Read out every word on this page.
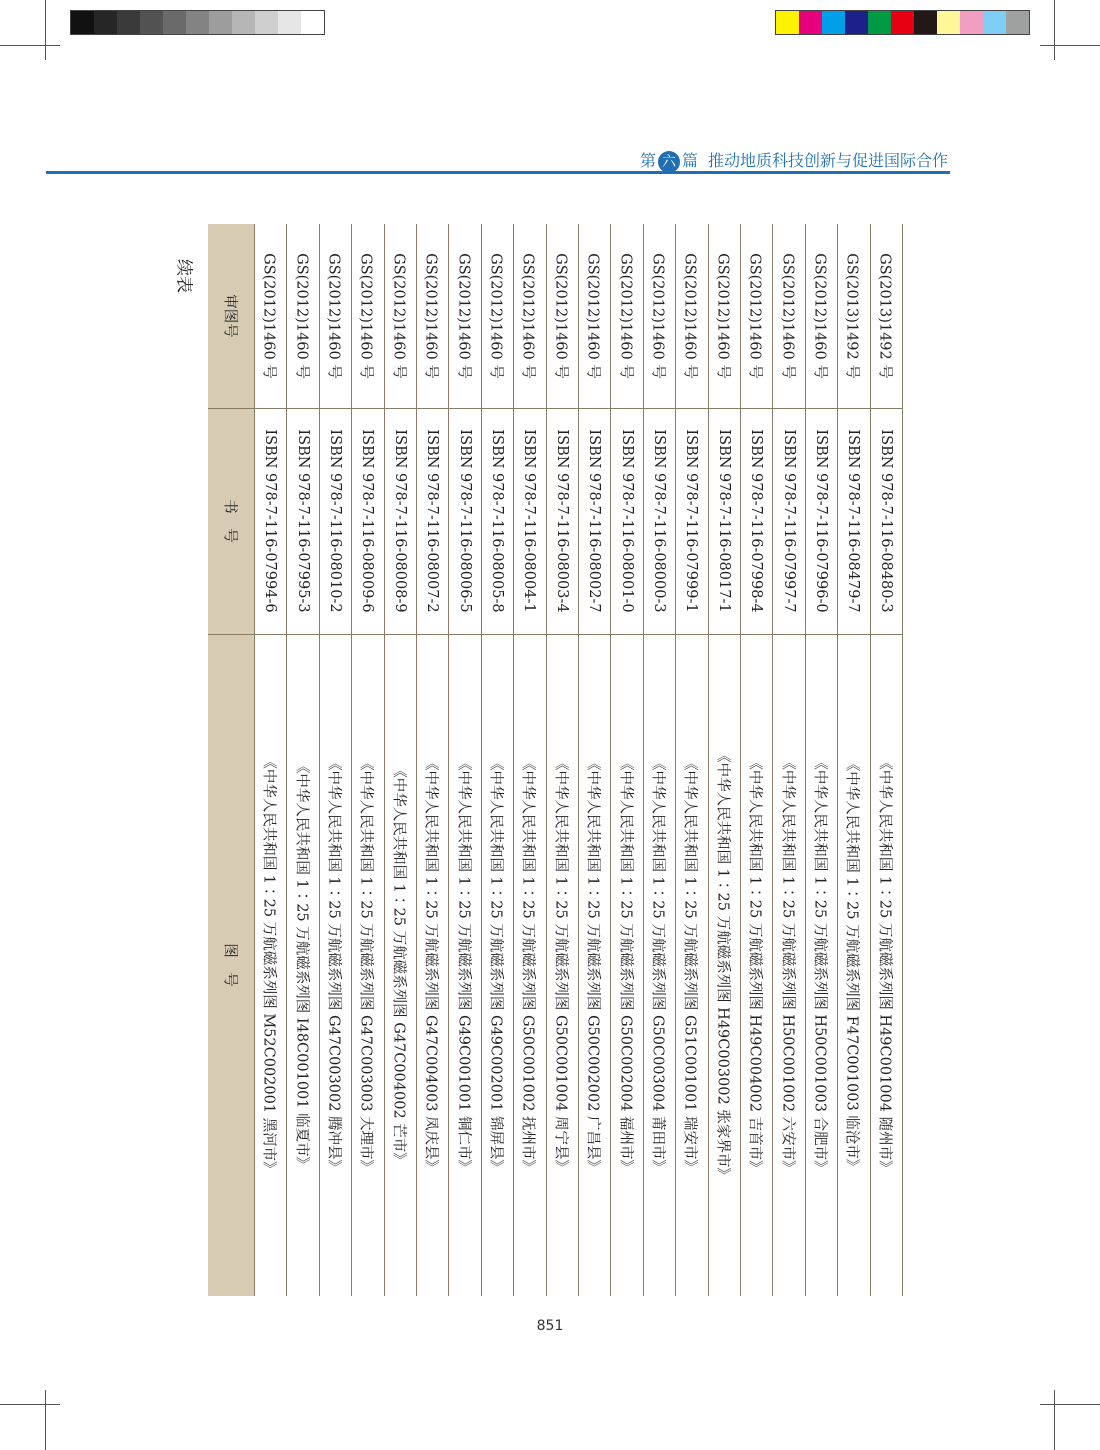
第 六 篇 推动地质科技创新与促进国际合作
续表
审图号
书　号
图　号
GS(2012)1460 号
ISBN 978-7-116-07994-6
《中华人民共和国 1∶25 万航磁系列图 M52C002001 黑河市》
GS(2012)1460 号
ISBN 978-7-116-07995-3
《中华人民共和国 1∶25 万航磁系列图 I48C001001 临夏市》
GS(2012)1460 号
ISBN 978-7-116-08010-2
《中华人民共和国 1∶25 万航磁系列图 G47C003002 腾冲县》
GS(2012)1460 号
ISBN 978-7-116-08009-6
《中华人民共和国 1∶25 万航磁系列图 G47C003003 大理市》
GS(2012)1460 号
ISBN 978-7-116-08008-9
《中华人民共和国 1∶25 万航磁系列图 G47C004002 芒市》
GS(2012)1460 号
ISBN 978-7-116-08007-2
《中华人民共和国 1∶25 万航磁系列图 G47C004003 凤庆县》
GS(2012)1460 号
ISBN 978-7-116-08006-5
《中华人民共和国 1∶25 万航磁系列图 G49C001001 铜仁市》
GS(2012)1460 号
ISBN 978-7-116-08005-8
《中华人民共和国 1∶25 万航磁系列图 G49C002001 锦屏县》
GS(2012)1460 号
ISBN 978-7-116-08004-1
《中华人民共和国 1∶25 万航磁系列图 G50C001002 抚州市》
GS(2012)1460 号
ISBN 978-7-116-08003-4
《中华人民共和国 1∶25 万航磁系列图 G50C001004 周宁县》
GS(2012)1460 号
ISBN 978-7-116-08002-7
《中华人民共和国 1∶25 万航磁系列图 G50C002002 广昌县》
GS(2012)1460 号
ISBN 978-7-116-08001-0
《中华人民共和国 1∶25 万航磁系列图 G50C002004 福州市》
GS(2012)1460 号
ISBN 978-7-116-08000-3
《中华人民共和国 1∶25 万航磁系列图 G50C003004 莆田市》
GS(2012)1460 号
ISBN 978-7-116-07999-1
《中华人民共和国 1∶25 万航磁系列图 G51C001001 瑞安市》
GS(2012)1460 号
ISBN 978-7-116-08017-1
《中华人民共和国 1∶25 万航磁系列图 H49C003002 张家界市》
GS(2012)1460 号
ISBN 978-7-116-07998-4
《中华人民共和国 1∶25 万航磁系列图 H49C004002 吉首市》
GS(2012)1460 号
ISBN 978-7-116-07997-7
《中华人民共和国 1∶25 万航磁系列图 H50C001002 六安市》
GS(2012)1460 号
ISBN 978-7-116-07996-0
《中华人民共和国 1∶25 万航磁系列图 H50C001003 合肥市》
GS(2013)1492 号
ISBN 978-7-116-08479-7
《中华人民共和国 1∶25 万航磁系列图 F47C001003 临沧市》
GS(2013)1492 号
ISBN 978-7-116-08480-3
《中华人民共和国 1∶25 万航磁系列图 H49C001004 随州市》
851
